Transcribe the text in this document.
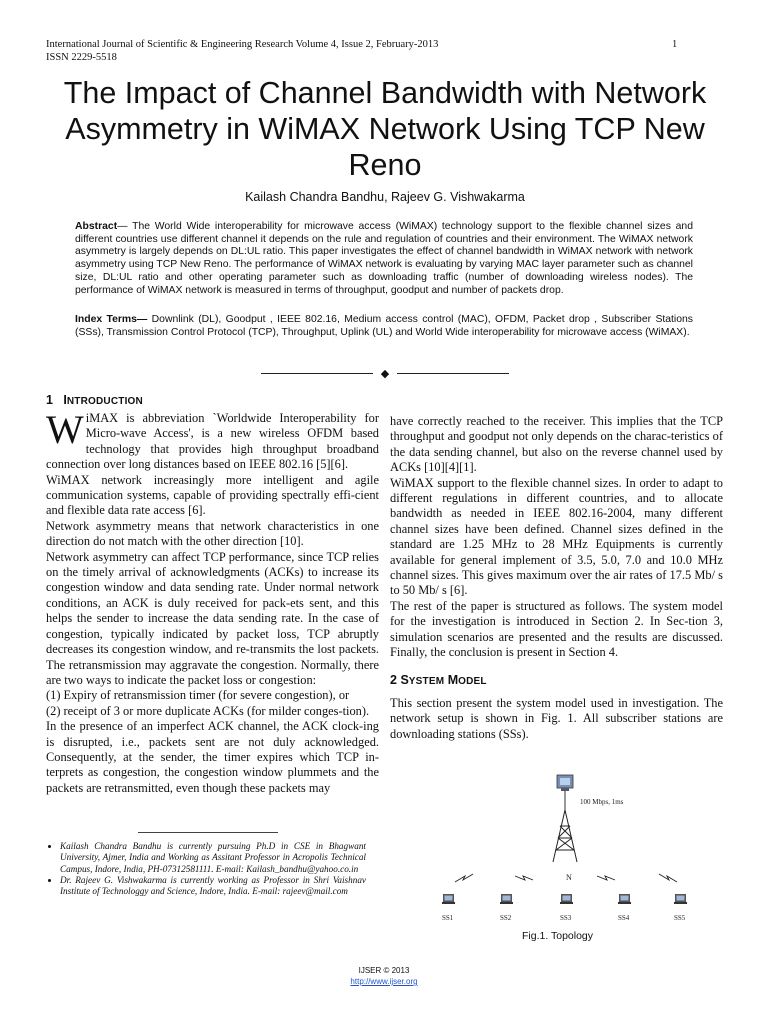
International Journal of Scientific & Engineering Research Volume 4, Issue 2, February-2013
ISSN 2229-5518
1
The Impact of Channel Bandwidth with Network Asymmetry in WiMAX Network Using TCP New Reno
Kailash Chandra Bandhu, Rajeev G. Vishwakarma
Abstract— The World Wide interoperability for microwave access (WiMAX) technology support to the flexible channel sizes and different countries use different channel it depends on the rule and regulation of countries and their environment. The WiMAX network asymmetry is largely depends on DL:UL ratio. This paper investigates the effect of channel bandwidth in WiMAX network with network asymmetry using TCP New Reno. The performance of WiMAX network is evaluating by varying MAC layer parameter such as channel size, DL:UL ratio and other operating parameter such as downloading traffic (number of downloading wireless nodes). The performance of WiMAX network is measured in terms of throughput, goodput and number of packets drop.
Index Terms— Downlink (DL), Goodput , IEEE 802.16, Medium access control (MAC), OFDM, Packet drop , Subscriber Stations (SSs), Transmission Control Protocol (TCP), Throughput, Uplink (UL) and World Wide interoperability for microwave access (WiMAX).
◆
1 INTRODUCTION

WiMAX is abbreviation `Worldwide Interoperability for Micro-wave Access', is a new wireless OFDM based technology that provides high throughput broadband connection over long distances based on IEEE 802.16 [5][6].

WiMAX network increasingly more intelligent and agile communication systems, capable of providing spectrally effi-cient and flexible data rate access [6].

Network asymmetry means that network characteristics in one direction do not match with the other direction [10].

Network asymmetry can affect TCP performance, since TCP relies on the timely arrival of acknowledgments (ACKs) to increase its congestion window and data sending rate. Under normal network conditions, an ACK is duly received for pack-ets sent, and this helps the sender to increase the data sending rate. In the case of congestion, typically indicated by packet loss, TCP abruptly decreases its congestion window, and re-transmits the lost packets. The retransmission may aggravate the congestion. Normally, there are two ways to indicate the packet loss or congestion:

(1) Expiry of retransmission timer (for severe congestion), or

(2) receipt of 3 or more duplicate ACKs (for milder conges-tion).

In the presence of an imperfect ACK channel, the ACK clock-ing is disrupted, i.e., packets sent are not duly acknowledged. Consequently, at the sender, the timer expires which TCP in-terprets as congestion, the congestion window plummets and the packets are retransmitted, even though these packets may

have correctly reached to the receiver. This implies that the TCP throughput and goodput not only depends on the charac-teristics of the data sending channel, but also on the reverse channel used by ACKs [10][4][1].

WiMAX support to the flexible channel sizes. In order to adapt to different regulations in different countries, and to allocate bandwidth as needed in IEEE 802.16-2004, many different channel sizes have been defined. Channel sizes defined in the standard are 1.25 MHz to 28 MHz Equipments is currently available for general implement of 3.5, 5.0, 7.0 and 10.0 MHz channel sizes. This gives maximum over the air rates of 17.5 Mb/ s to 50 Mb/ s [6].

The rest of the paper is structured as follows. The system model for the investigation is introduced in Section 2. In Sec-tion 3, simulation scenarios are presented and the results are discussed. Finally, the conclusion is present in Section 4.

2 SYSTEM MODEL

This section present the system model used in investigation. The network setup is shown in Fig. 1. All subscriber stations are downloading stations (SSs).

• Kailash Chandra Bandhu is currently pursuing Ph.D in CSE in Bhagwant University, Ajmer, India and Working as Assitant Professor in Acropolis Technical Campus, Indore, India, PH-07312581111. E-mail: Kailash_bandhu@yahoo.co.in
• Dr. Rajeev G. Vishwakarma is currently working as Professor in Shri Vaishnav Institute of Technologgy and Science, Indore, India. E-mail: rajeev@mail.com
100 Mbps, 1ms
N
SS1	SS2	SS3	SS4	SS5
Fig.1. Topology
IJSER © 2013
http://www.ijser.org
